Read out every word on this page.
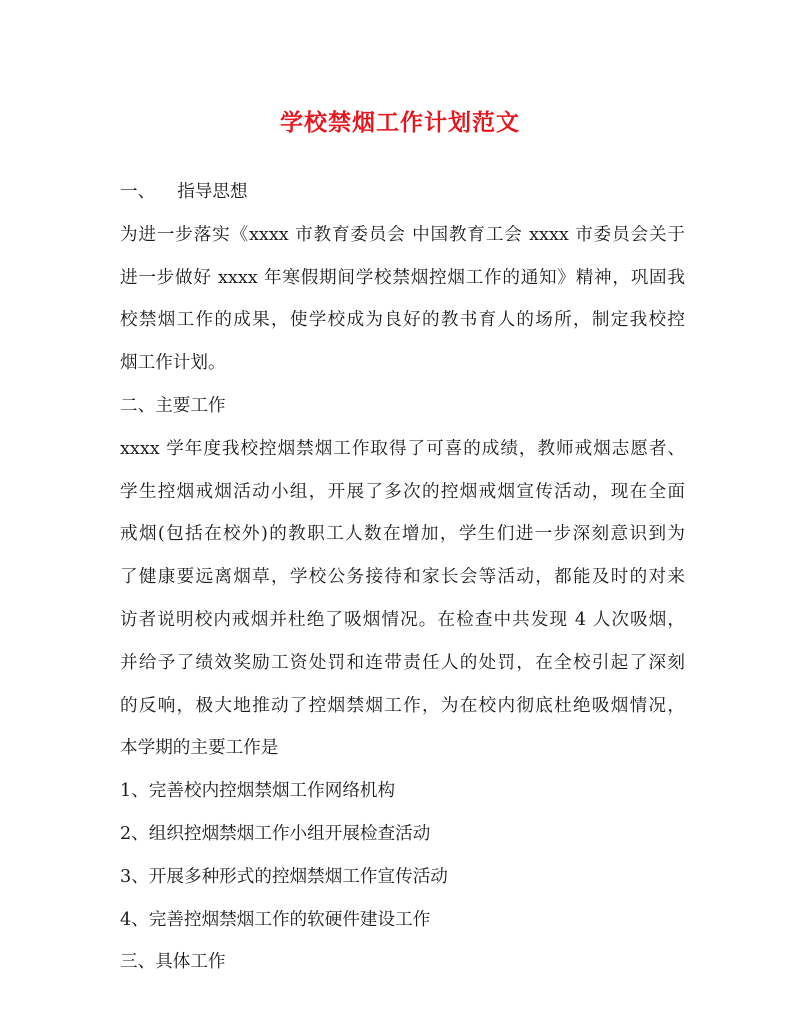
学校禁烟工作计划范文
一、 指导思想
为进一步落实《xxxx 市教育委员会 中国教育工会 xxxx 市委员会关于
进一步做好 xxxx 年寒假期间学校禁烟控烟工作的通知》精神，巩固我
校禁烟工作的成果，使学校成为良好的教书育人的场所，制定我校控
烟工作计划。
二、主要工作
xxxx 学年度我校控烟禁烟工作取得了可喜的成绩，教师戒烟志愿者、
学生控烟戒烟活动小组，开展了多次的控烟戒烟宣传活动，现在全面
戒烟(包括在校外)的教职工人数在增加，学生们进一步深刻意识到为
了健康要远离烟草，学校公务接待和家长会等活动，都能及时的对来
访者说明校内戒烟并杜绝了吸烟情况。在检查中共发现 4 人次吸烟，
并给予了绩效奖励工资处罚和连带责任人的处罚，在全校引起了深刻
的反响，极大地推动了控烟禁烟工作，为在校内彻底杜绝吸烟情况，
本学期的主要工作是
1、完善校内控烟禁烟工作网络机构
2、组织控烟禁烟工作小组开展检查活动
3、开展多种形式的控烟禁烟工作宣传活动
4、完善控烟禁烟工作的软硬件建设工作
三、具体工作
